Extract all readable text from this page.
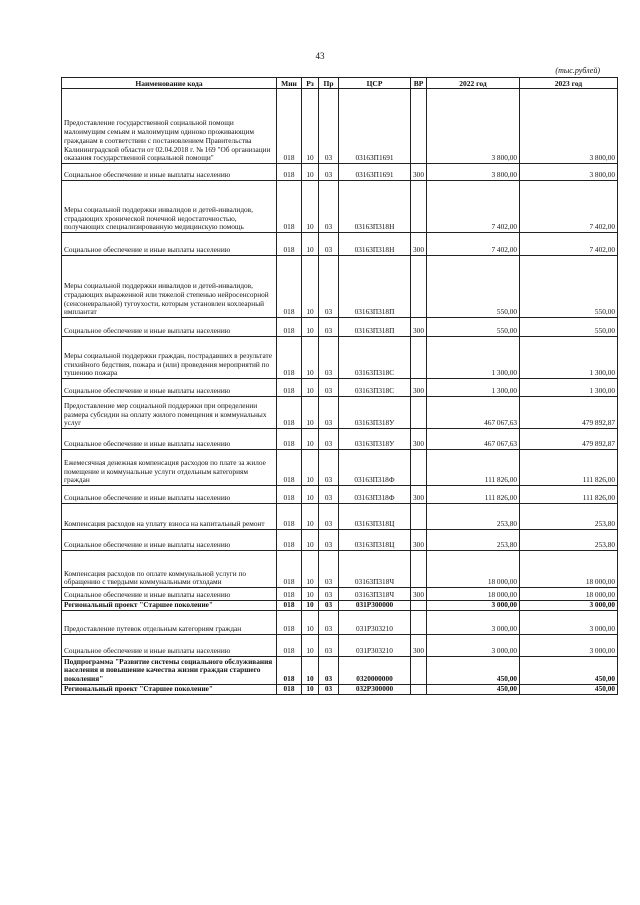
43
(тыс.рублей)
Наименование кода	Мин	Рз	Пр	ЦСР	ВР	2022 год	2023 год
Предоставление государственной социальной помощи малоимущим семьям и малоимущим одиноко проживающим гражданам в соответствии с постановлением Правительства Калининградской области от 02.04.2018 г. № 169 "Об организации оказания государственной социальной помощи"	018	10	03	03163П1691		3 800,00	3 800,00
Социальное обеспечение и иные выплаты населению	018	10	03	03163П1691	300	3 800,00	3 800,00
Меры социальной поддержки инвалидов и детей-инвалидов, страдающих хронической почечной недостаточностью, получающих специализированную медицинскую помощь	018	10	03	03163П318Н		7 402,00	7 402,00
Социальное обеспечение и иные выплаты населению	018	10	03	03163П318Н	300	7 402,00	7 402,00
Меры социальной поддержки инвалидов и детей-инвалидов, страдающих выраженной или тяжелой степенью нейросенсорной (сенсоневральной) тугоухости, которым установлен кохлеарный имплантат	018	10	03	03163П318П		550,00	550,00
Социальное обеспечение и иные выплаты населению	018	10	03	03163П318П	300	550,00	550,00
Меры социальной поддержки граждан, пострадавших в результате стихийного бедствия, пожара и (или) проведения мероприятий по тушению пожара	018	10	03	03163П318С		1 300,00	1 300,00
Социальное обеспечение и иные выплаты населению	018	10	03	03163П318С	300	1 300,00	1 300,00
Предоставление мер социальной поддержки при определении размера субсидии на оплату жилого помещения и коммунальных услуг	018	10	03	03163П318У		467 067,63	479 892,87
Социальное обеспечение и иные выплаты населению	018	10	03	03163П318У	300	467 067,63	479 892,87
Ежемесячная денежная компенсация расходов по плате за жилое помещение и коммунальные услуги отдельным категориям граждан	018	10	03	03163П318Ф		111 826,00	111 826,00
Социальное обеспечение и иные выплаты населению	018	10	03	03163П318Ф	300	111 826,00	111 826,00
Компенсация расходов на уплату взноса на капитальный ремонт	018	10	03	03163П318Ц		253,80	253,80
Социальное обеспечение и иные выплаты населению	018	10	03	03163П318Ц	300	253,80	253,80
Компенсация расходов по оплате коммунальной услуги по обращению с твердыми коммунальными отходами	018	10	03	03163П318Ч		18 000,00	18 000,00
Социальное обеспечение и иные выплаты населению	018	10	03	03163П318Ч	300	18 000,00	18 000,00
Региональный проект "Старшее поколение"	018	10	03	031P300000		3 000,00	3 000,00
Предоставление путевок отдельным категориям граждан	018	10	03	031P303210		3 000,00	3 000,00
Социальное обеспечение и иные выплаты населению	018	10	03	031P303210	300	3 000,00	3 000,00
Подпрограмма "Развитие системы социального обслуживания населения и повышение качества жизни граждан старшего поколения"	018	10	03	0320000000		450,00	450,00
Региональный проект "Старшее поколение"	018	10	03	032P300000		450,00	450,00
